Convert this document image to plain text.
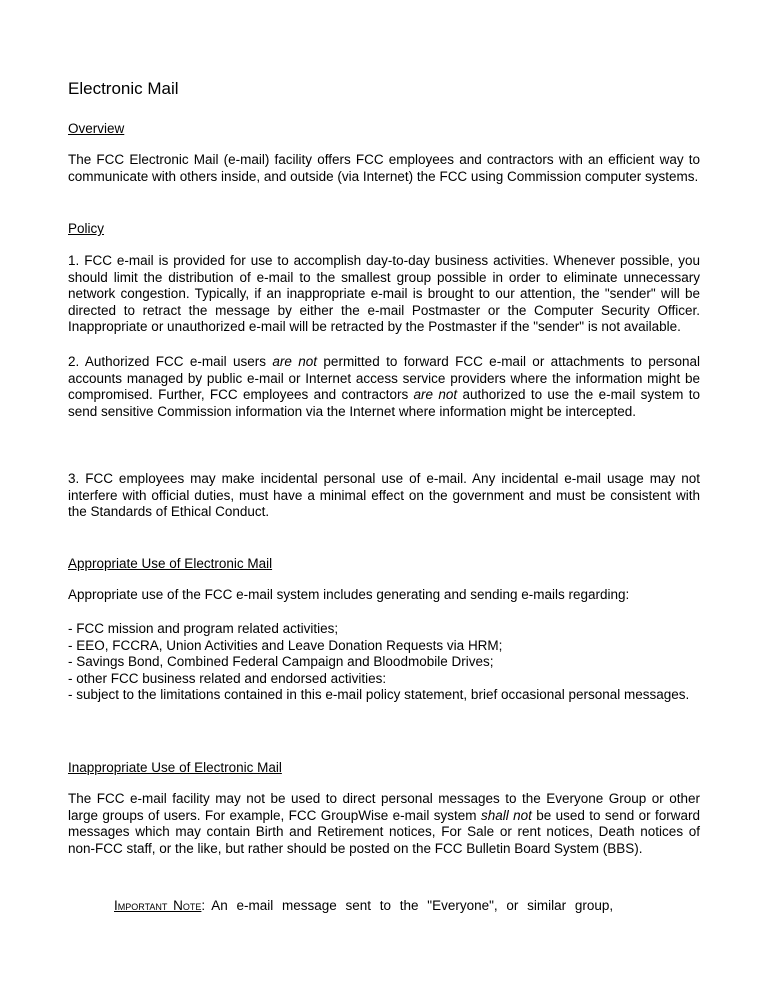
Electronic Mail
Overview

The FCC Electronic Mail (e-mail) facility offers FCC employees and contractors with an efficient way to communicate with others inside, and outside (via Internet) the FCC using Commission computer systems.

Policy

1. FCC e-mail is provided for use to accomplish day-to-day business activities. Whenever possible, you should limit the distribution of e-mail to the smallest group possible in order to eliminate unnecessary network congestion. Typically, if an inappropriate e-mail is brought to our attention, the "sender" will be directed to retract the message by either the e-mail Postmaster or the Computer Security Officer. Inappropriate or unauthorized e-mail will be retracted by the Postmaster if the "sender" is not available.

2. Authorized FCC e-mail users are not permitted to forward FCC e-mail or attachments to personal accounts managed by public e-mail or Internet access service providers where the information might be compromised. Further, FCC employees and contractors are not authorized to use the e-mail system to send sensitive Commission information via the Internet where information might be intercepted.

3. FCC employees may make incidental personal use of e-mail. Any incidental e-mail usage may not interfere with official duties, must have a minimal effect on the government and must be consistent with the Standards of Ethical Conduct.

Appropriate Use of Electronic Mail

Appropriate use of the FCC e-mail system includes generating and sending e-mails regarding:

- FCC mission and program related activities;
- EEO, FCCRA, Union Activities and Leave Donation Requests via HRM;
- Savings Bond, Combined Federal Campaign and Bloodmobile Drives;
- other FCC business related and endorsed activities:
- subject to the limitations contained in this e-mail policy statement, brief occasional personal messages.
Inappropriate Use of Electronic Mail

The FCC e-mail facility may not be used to direct personal messages to the Everyone Group or other large groups of users. For example, FCC GroupWise e-mail system shall not be used to send or forward messages which may contain Birth and Retirement notices, For Sale or rent notices, Death notices of non-FCC staff, or the like, but rather should be posted on the FCC Bulletin Board System (BBS).

Important Note: An e-mail message sent to the "Everyone", or similar group,
